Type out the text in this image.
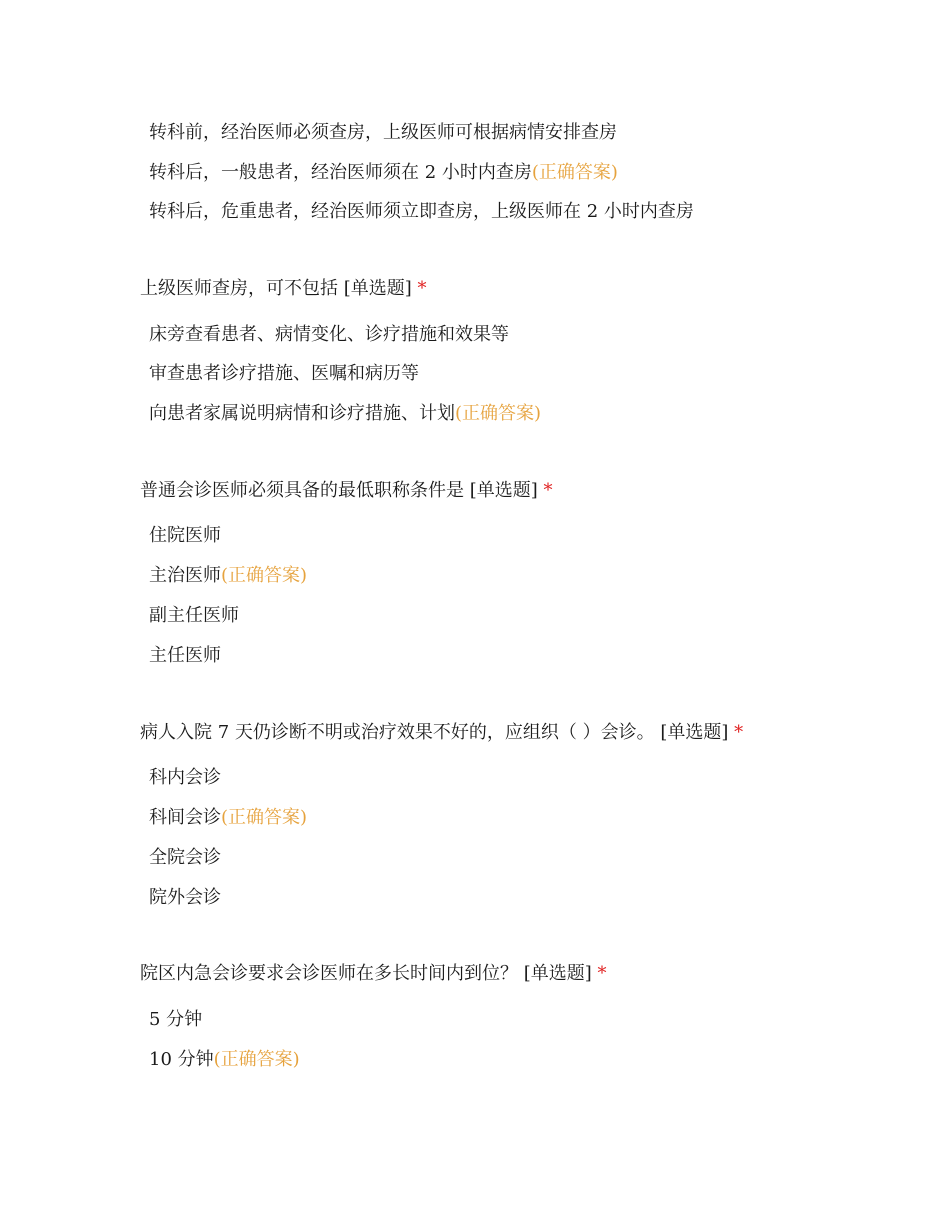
转科前，经治医师必须查房，上级医师可根据病情安排查房
转科后，一般患者，经治医师须在 2 小时内查房(正确答案)
转科后，危重患者，经治医师须立即查房，上级医师在 2 小时内查房
上级医师查房，可不包括 [单选题] *
床旁查看患者、病情变化、诊疗措施和效果等
审查患者诊疗措施、医嘱和病历等
向患者家属说明病情和诊疗措施、计划(正确答案)
普通会诊医师必须具备的最低职称条件是 [单选题] *
住院医师
主治医师(正确答案)
副主任医师
主任医师
病人入院 7 天仍诊断不明或治疗效果不好的，应组织（ ）会诊。 [单选题] *
科内会诊
科间会诊(正确答案)
全院会诊
院外会诊
院区内急会诊要求会诊医师在多长时间内到位？ [单选题] *
5 分钟
10 分钟(正确答案)
